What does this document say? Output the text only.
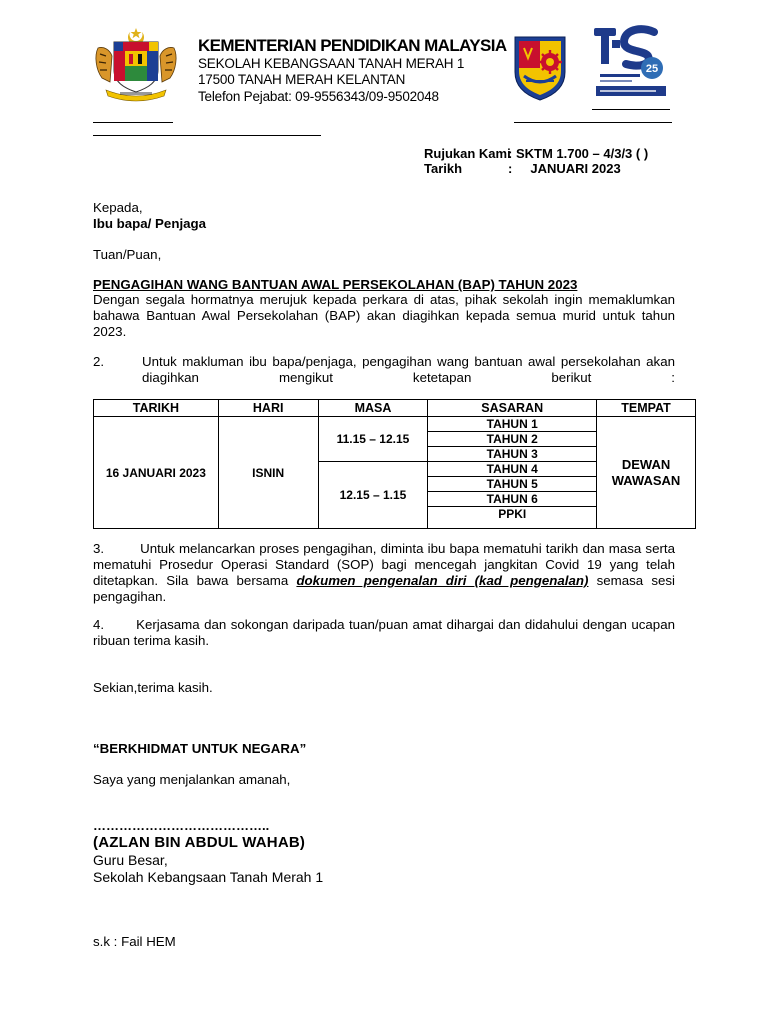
25
KEMENTERIAN PENDIDIKAN MALAYSIA
SEKOLAH KEBANGSAAN TANAH MERAH 1
17500 TANAH MERAH KELANTAN
Telefon Pejabat: 09-9556343/09-9502048
Rujukan Kami
: SKTM 1.700 – 4/3/3 ( )
Tarikh	:     JANUARI 2023
Kepada,
Ibu bapa/ Penjaga
Tuan/Puan,
PENGAGIHAN WANG BANTUAN AWAL PERSEKOLAHAN (BAP) TAHUN 2023
Dengan segala hormatnya merujuk kepada perkara di atas, pihak sekolah ingin memaklumkan bahawa Bantuan Awal Persekolahan (BAP) akan diagihkan kepada semua murid untuk tahun 2023.
2.	Untuk makluman ibu bapa/penjaga, pengagihan wang bantuan awal persekolahan akan diagihkan mengikut ketetapan berikut :
TARIKH	HARI	MASA	SASARAN	TEMPAT
16 JANUARI 2023	ISNIN	11.15 – 12.15	TAHUN 1	DEWAN WAWASAN
			TAHUN 2	
			TAHUN 3	
		12.15 – 1.15	TAHUN 4	
			TAHUN 5	
			TAHUN 6	
			PPKI	
3.	Untuk melancarkan proses pengagihan, diminta ibu bapa mematuhi tarikh dan masa serta mematuhi Prosedur Operasi Standard (SOP) bagi mencegah jangkitan Covid 19 yang telah ditetapkan. Sila bawa bersama dokumen pengenalan diri (kad pengenalan) semasa sesi pengagihan.
4. Kerjasama dan sokongan daripada tuan/puan amat dihargai dan didahului dengan ucapan ribuan terima kasih.
Sekian,terima kasih.
“BERKHIDMAT UNTUK NEGARA”
Saya yang menjalankan amanah,
…………………………………..
(AZLAN BIN ABDUL WAHAB)
Guru Besar,
Sekolah Kebangsaan Tanah Merah 1
s.k : Fail HEM
